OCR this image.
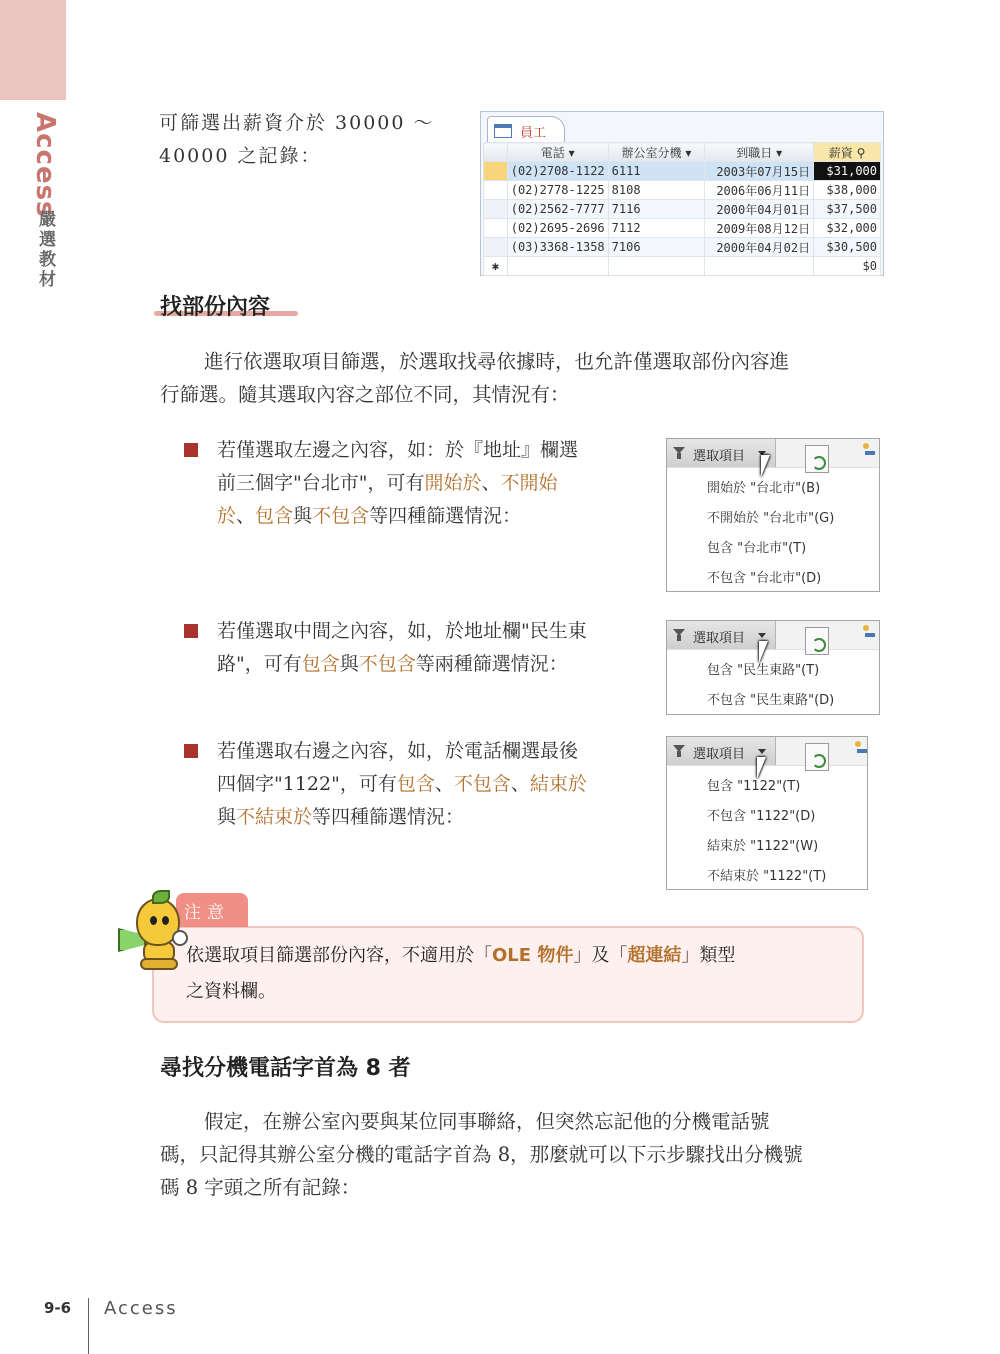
Access
嚴選教材
可篩選出薪資介於 30000 ～
40000 之記錄：
員工
	電話 ▾	辦公室分機 ▾	到職日 ▾	薪資 ⚲
	(02)2708-1122	6111	2003年07月15日	$31,000
	(02)2778-1225	8108	2006年06月11日	$38,000
	(02)2562-7777	7116	2000年04月01日	$37,500
	(02)2695-2696	7112	2009年08月12日	$32,000
	(03)3368-1358	7106	2000年04月02日	$30,500
✱				$0
找部份內容
進行依選取項目篩選，於選取找尋依據時，也允許僅選取部份內容進
行篩選。隨其選取內容之部位不同，其情況有：
若僅選取左邊之內容，如：於『地址』欄選
前三個字"台北市"，可有開始於、不開始
於、包含與不包含等四種篩選情況：
選取項目
開始於 "台北市"(B)
不開始於 "台北市"(G)
包含 "台北市"(T)
不包含 "台北市"(D)
若僅選取中間之內容，如，於地址欄"民生東
路"，可有包含與不包含等兩種篩選情況：
選取項目
包含 "民生東路"(T)
不包含 "民生東路"(D)
若僅選取右邊之內容，如，於電話欄選最後
四個字"1122"，可有包含、不包含、結束於
與不結束於等四種篩選情況：
選取項目
包含 "1122"(T)
不包含 "1122"(D)
結束於 "1122"(W)
不結束於 "1122"(T)
依選取項目篩選部份內容，不適用於「OLE 物件」及「超連結」類型
之資料欄。
注意
尋找分機電話字首為 8 者
假定，在辦公室內要與某位同事聯絡，但突然忘記他的分機電話號
碼，只記得其辦公室分機的電話字首為 8，那麼就可以下示步驟找出分機號
碼 8 字頭之所有記錄：
9-6 Access
